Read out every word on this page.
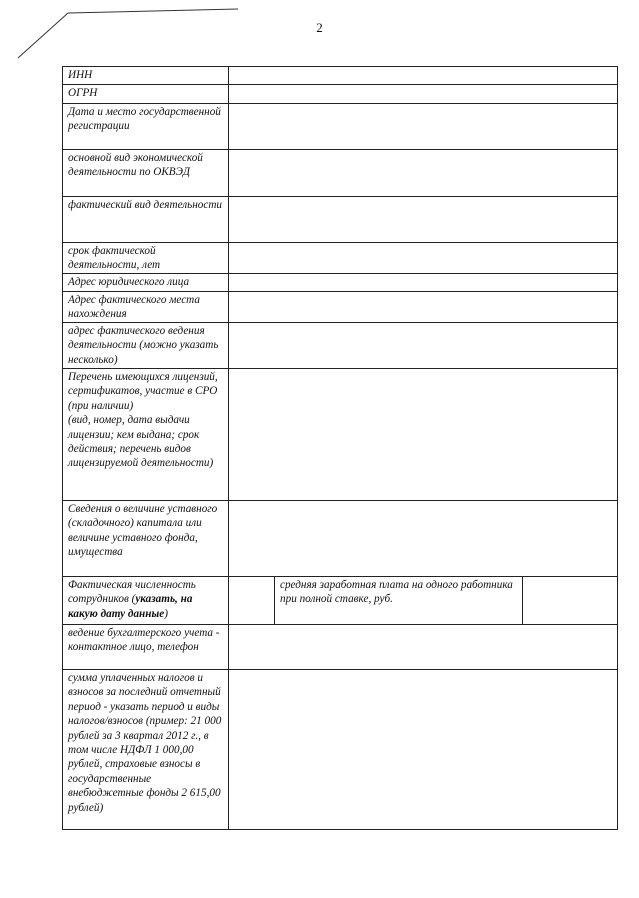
2
ИНН			
ОГРН			
Дата и место государственной регистрации			
основной вид экономической деятельности по ОКВЭД			
фактический вид деятельности			
срок фактической деятельности, лет			
Адрес юридического лица			
Адрес фактического места нахождения			
адрес фактического ведения деятельности (можно указать несколько)			
Перечень имеющихся лицензий, сертификатов, участие в СРО (при наличии)
(вид, номер, дата выдачи лицензии; кем выдана; срок действия; перечень видов лицензируемой деятельности)			
Сведения о величине уставного (складочного) капитала или величине уставного фонда, имущества			
Фактическая численность сотрудников (указать, на какую дату данные)		средняя заработная плата на одного работника при полной ставке, руб.	
ведение бухгалтерского учета - контактное лицо, телефон			
сумма уплаченных налогов и взносов за последний отчетный период - указать период и виды налогов/взносов (пример: 21 000 рублей за 3 квартал 2012 г., в том числе НДФЛ 1 000,00 рублей, страховые взносы в государственные внебюджетные фонды 2 615,00 рублей)			
